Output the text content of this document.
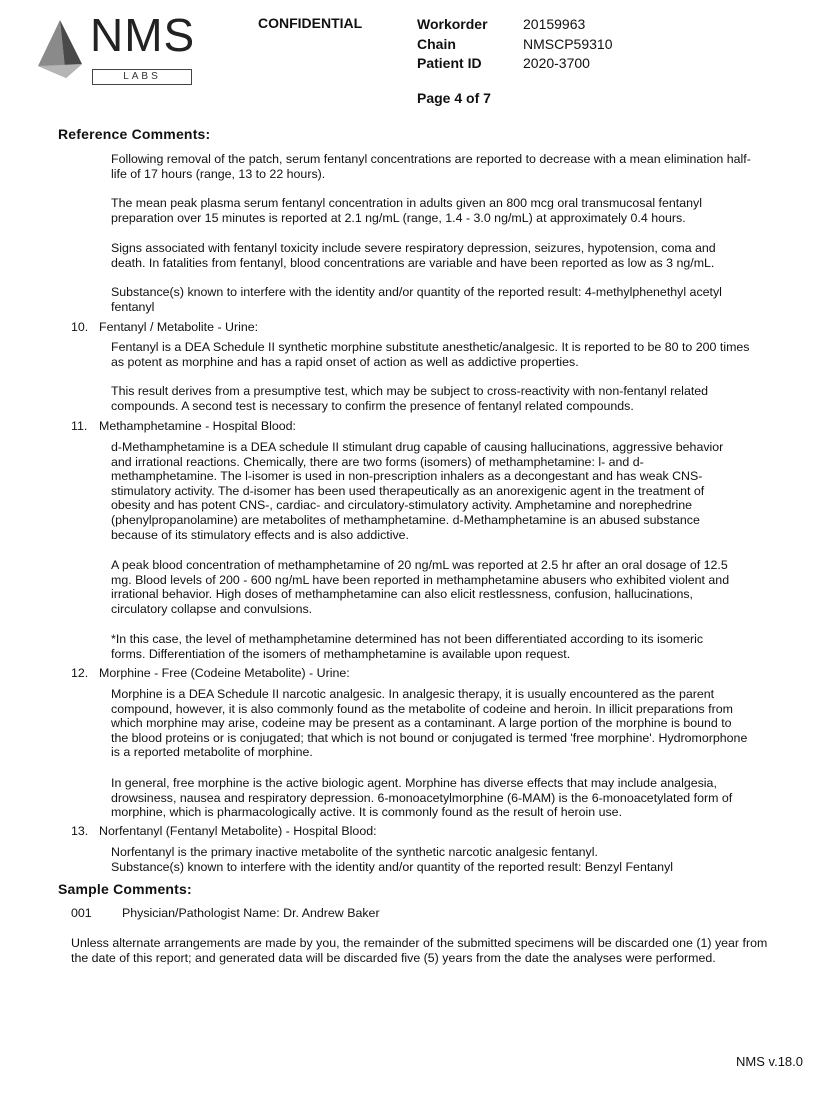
NMS
LABS
CONFIDENTIAL	Workorder
Chain
Patient ID
20159963
NMSCP59310
2020-3700
Page 4 of 7
Reference Comments:
Following removal of the patch, serum fentanyl concentrations are reported to decrease with a mean elimination half-life of 17 hours (range, 13 to 22 hours).
The mean peak plasma serum fentanyl concentration in adults given an 800 mcg oral transmucosal fentanyl preparation over 15 minutes is reported at 2.1 ng/mL (range, 1.4 - 3.0 ng/mL) at approximately 0.4 hours.
Signs associated with fentanyl toxicity include severe respiratory depression, seizures, hypotension, coma and death. In fatalities from fentanyl, blood concentrations are variable and have been reported as low as 3 ng/mL.
Substance(s) known to interfere with the identity and/or quantity of the reported result: 4-methylphenethyl acetyl fentanyl
10. Fentanyl / Metabolite - Urine:
Fentanyl is a DEA Schedule II synthetic morphine substitute anesthetic/analgesic. It is reported to be 80 to 200 times as potent as morphine and has a rapid onset of action as well as addictive properties.
This result derives from a presumptive test, which may be subject to cross-reactivity with non-fentanyl related compounds. A second test is necessary to confirm the presence of fentanyl related compounds.
11. Methamphetamine - Hospital Blood:
d-Methamphetamine is a DEA schedule II stimulant drug capable of causing hallucinations, aggressive behavior and irrational reactions. Chemically, there are two forms (isomers) of methamphetamine: l- and d-methamphetamine. The l-isomer is used in non-prescription inhalers as a decongestant and has weak CNS-stimulatory activity. The d-isomer has been used therapeutically as an anorexigenic agent in the treatment of obesity and has potent CNS-, cardiac- and circulatory-stimulatory activity. Amphetamine and norephedrine (phenylpropanolamine) are metabolites of methamphetamine. d-Methamphetamine is an abused substance because of its stimulatory effects and is also addictive.
A peak blood concentration of methamphetamine of 20 ng/mL was reported at 2.5 hr after an oral dosage of 12.5 mg. Blood levels of 200 - 600 ng/mL have been reported in methamphetamine abusers who exhibited violent and irrational behavior. High doses of methamphetamine can also elicit restlessness, confusion, hallucinations, circulatory collapse and convulsions.
*In this case, the level of methamphetamine determined has not been differentiated according to its isomeric forms. Differentiation of the isomers of methamphetamine is available upon request.
12. Morphine - Free (Codeine Metabolite) - Urine:
Morphine is a DEA Schedule II narcotic analgesic. In analgesic therapy, it is usually encountered as the parent compound, however, it is also commonly found as the metabolite of codeine and heroin. In illicit preparations from which morphine may arise, codeine may be present as a contaminant. A large portion of the morphine is bound to the blood proteins or is conjugated; that which is not bound or conjugated is termed 'free morphine'. Hydromorphone is a reported metabolite of morphine.
In general, free morphine is the active biologic agent. Morphine has diverse effects that may include analgesia, drowsiness, nausea and respiratory depression. 6-monoacetylmorphine (6-MAM) is the 6-monoacetylated form of morphine, which is pharmacologically active. It is commonly found as the result of heroin use.
13. Norfentanyl (Fentanyl Metabolite) - Hospital Blood:
Norfentanyl is the primary inactive metabolite of the synthetic narcotic analgesic fentanyl.
Substance(s) known to interfere with the identity and/or quantity of the reported result: Benzyl Fentanyl
Sample Comments:
001 Physician/Pathologist Name: Dr. Andrew Baker
Unless alternate arrangements are made by you, the remainder of the submitted specimens will be discarded one (1) year from the date of this report; and generated data will be discarded five (5) years from the date the analyses were performed.
NMS v.18.0
